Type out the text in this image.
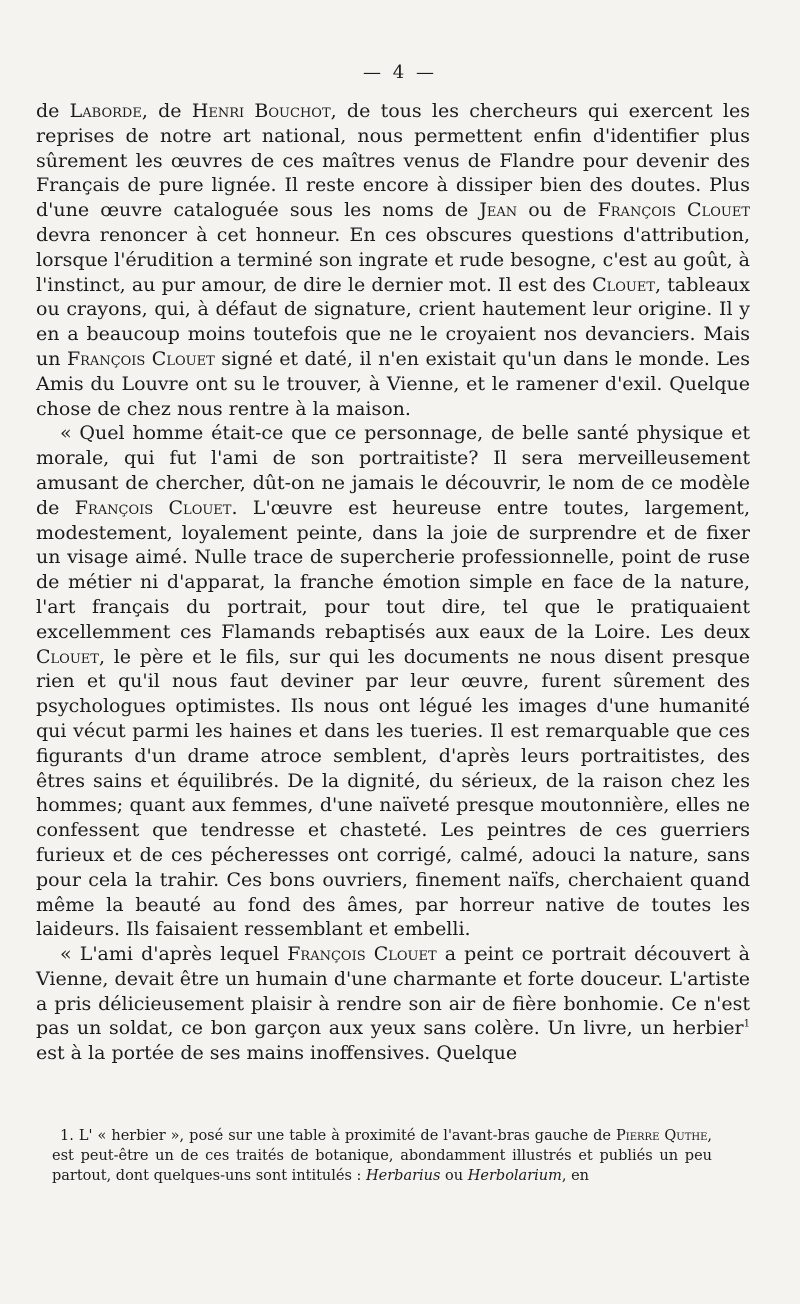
— 4 —

de Laborde, de Henri Bouchot, de tous les chercheurs qui exercent les reprises de notre art national, nous permettent enfin d'identifier plus sûrement les œuvres de ces maîtres venus de Flandre pour devenir des Français de pure lignée. Il reste encore à dissiper bien des doutes. Plus d'une œuvre cataloguée sous les noms de Jean ou de François Clouet devra renoncer à cet honneur. En ces obscures questions d'attribution, lorsque l'érudition a terminé son ingrate et rude besogne, c'est au goût, à l'instinct, au pur amour, de dire le dernier mot. Il est des Clouet, tableaux ou crayons, qui, à défaut de signature, crient hautement leur origine. Il y en a beaucoup moins toutefois que ne le croyaient nos devanciers. Mais un François Clouet signé et daté, il n'en existait qu'un dans le monde. Les Amis du Louvre ont su le trouver, à Vienne, et le ramener d'exil. Quelque chose de chez nous rentre à la maison.

« Quel homme était-ce que ce personnage, de belle santé physique et morale, qui fut l'ami de son portraitiste? Il sera merveilleusement amusant de chercher, dût-on ne jamais le découvrir, le nom de ce modèle de François Clouet. L'œuvre est heureuse entre toutes, largement, modestement, loyalement peinte, dans la joie de surprendre et de fixer un visage aimé. Nulle trace de supercherie professionnelle, point de ruse de métier ni d'apparat, la franche émotion simple en face de la nature, l'art français du portrait, pour tout dire, tel que le pratiquaient excellemment ces Flamands rebaptisés aux eaux de la Loire. Les deux Clouet, le père et le fils, sur qui les documents ne nous disent presque rien et qu'il nous faut deviner par leur œuvre, furent sûrement des psychologues optimistes. Ils nous ont légué les images d'une humanité qui vécut parmi les haines et dans les tueries. Il est remarquable que ces figurants d'un drame atroce semblent, d'après leurs portraitistes, des êtres sains et équilibrés. De la dignité, du sérieux, de la raison chez les hommes; quant aux femmes, d'une naïveté presque moutonnière, elles ne confessent que tendresse et chasteté. Les peintres de ces guerriers furieux et de ces pécheresses ont corrigé, calmé, adouci la nature, sans pour cela la trahir. Ces bons ouvriers, finement naïfs, cherchaient quand même la beauté au fond des âmes, par horreur native de toutes les laideurs. Ils faisaient ressemblant et embelli.

« L'ami d'après lequel François Clouet a peint ce portrait découvert à Vienne, devait être un humain d'une charmante et forte douceur. L'artiste a pris délicieusement plaisir à rendre son air de fière bonhomie. Ce n'est pas un soldat, ce bon garçon aux yeux sans colère. Un livre, un herbier$^1$ est à la portée de ses mains inoffensives. Quelque

1. L' « herbier », posé sur une table à proximité de l'avant-bras gauche de Pierre Quthe, est peut-être un de ces traités de botanique, abondamment illustrés et publiés un peu partout, dont quelques-uns sont intitulés : Herbarius ou Herbolarium, en
